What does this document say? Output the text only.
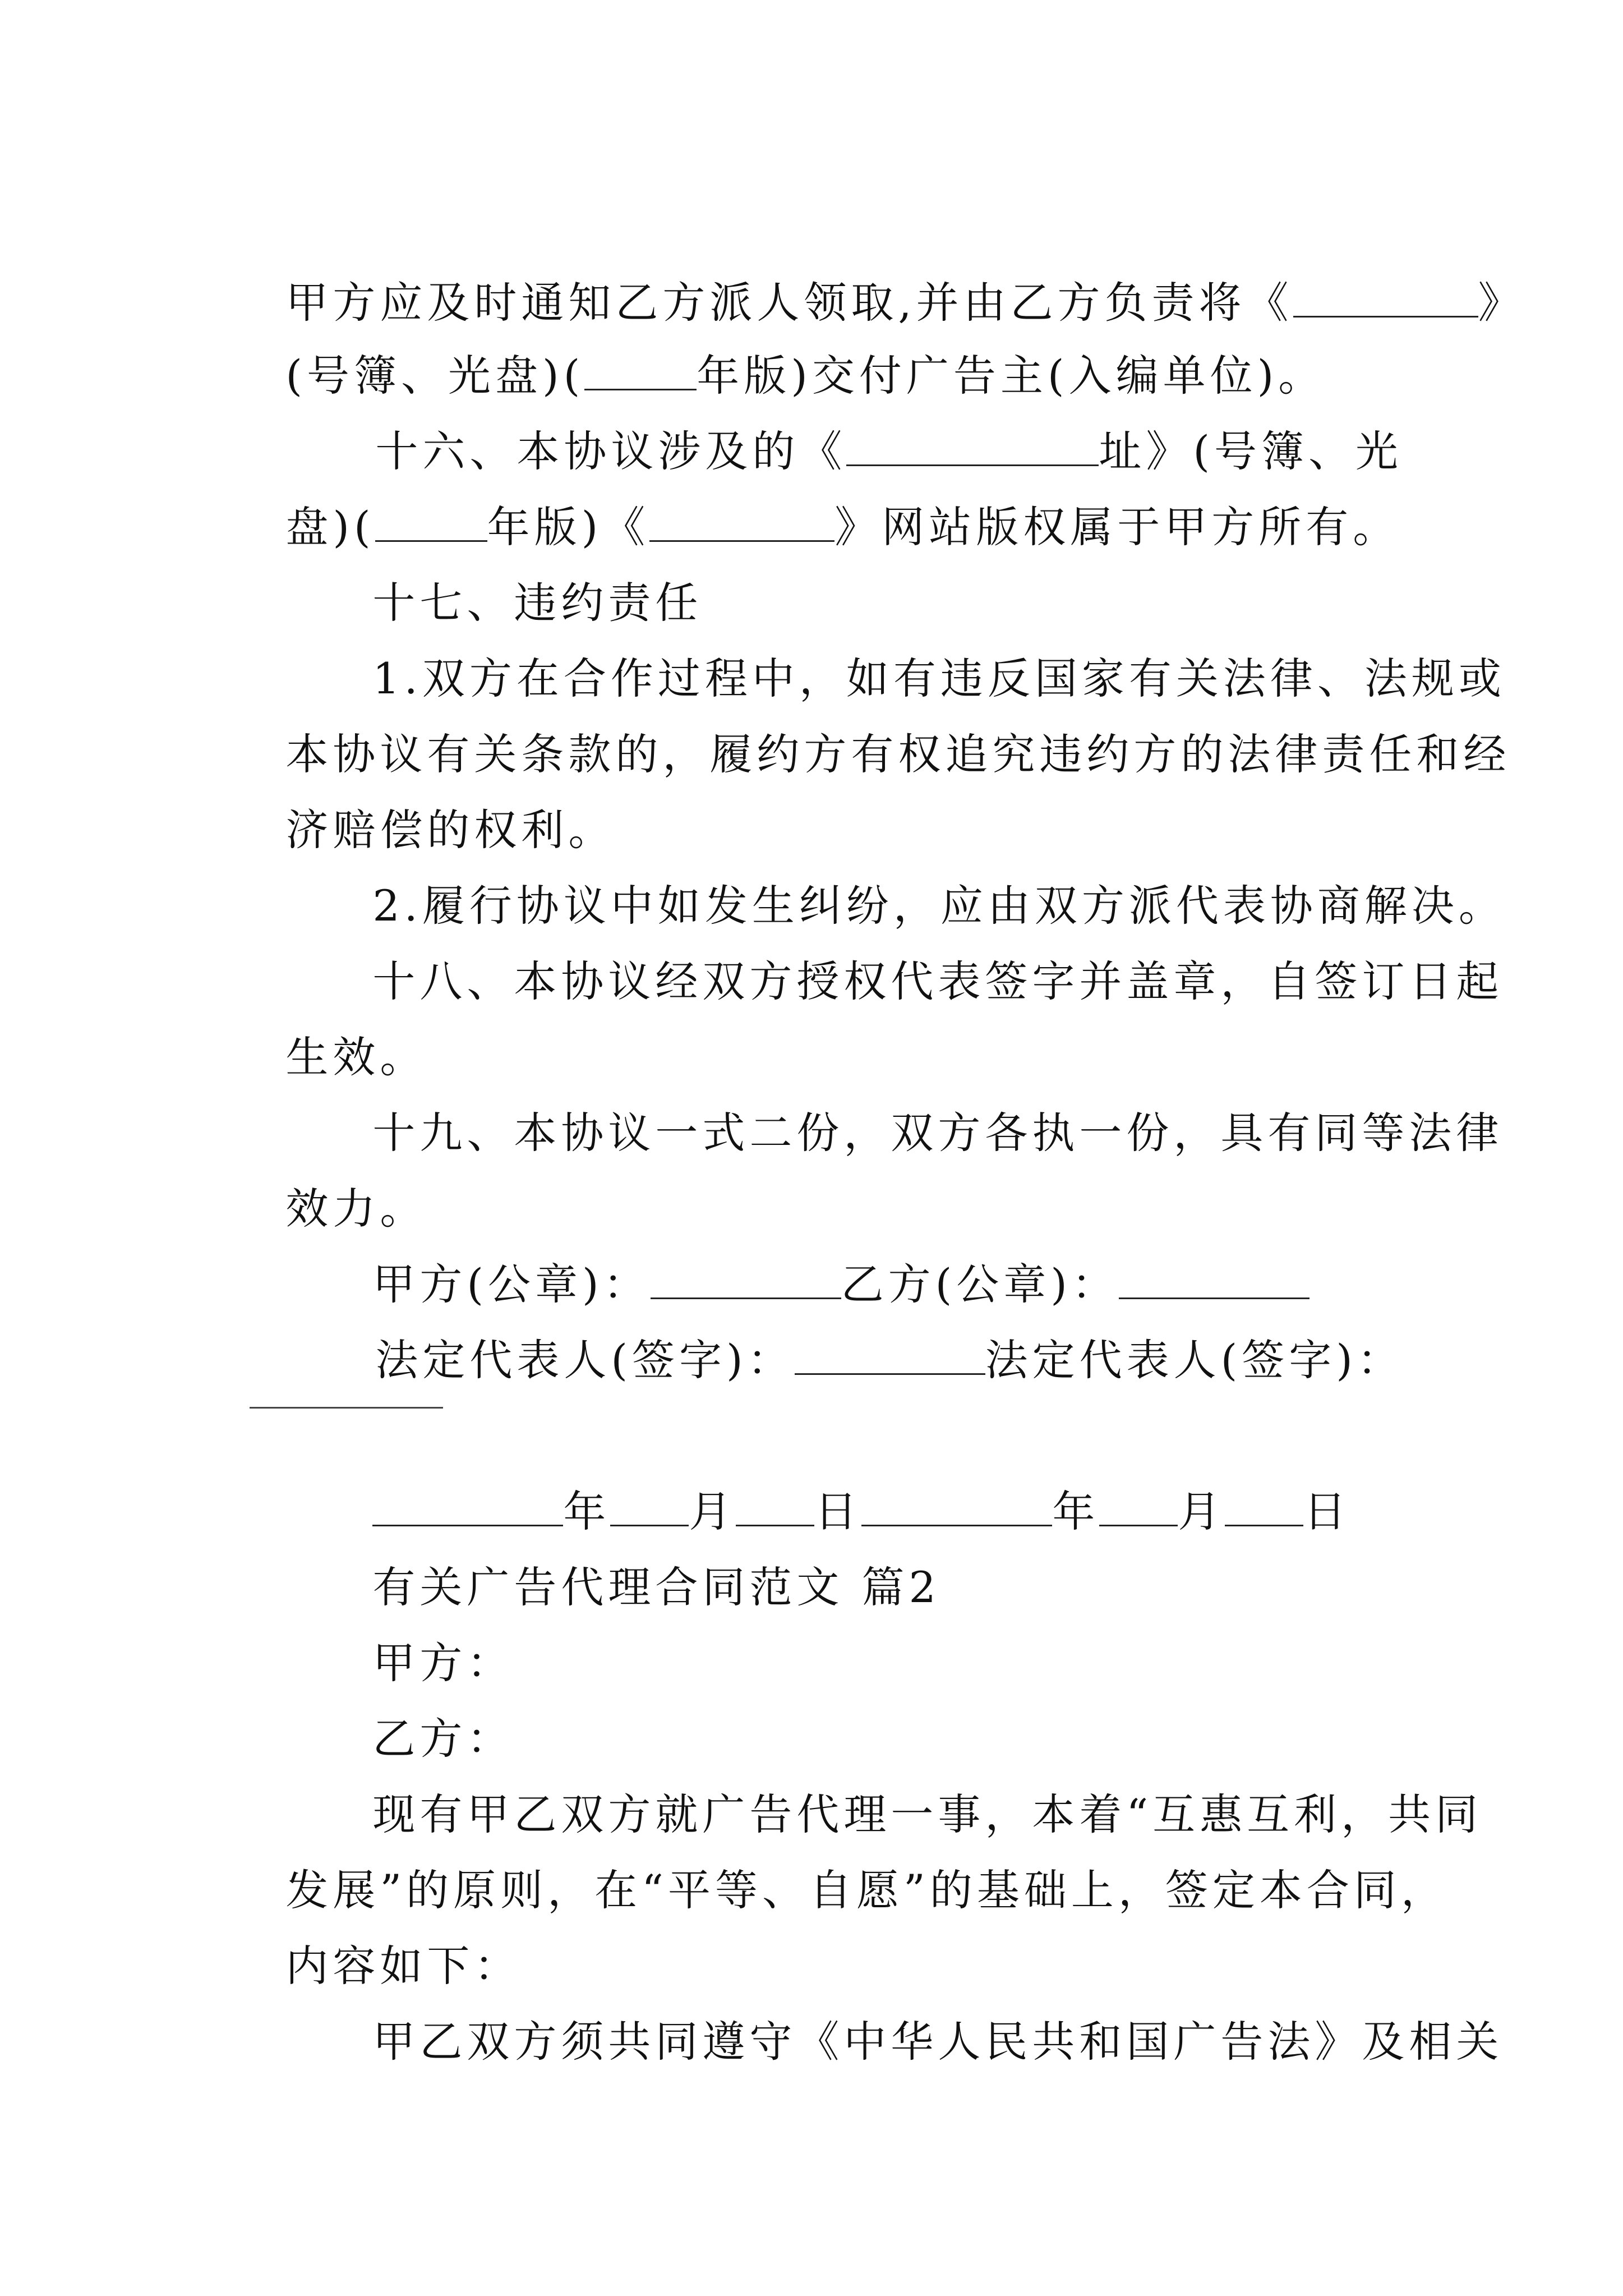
甲方应及时通知乙方派人领取,并由乙方负责将《	》

(号簿、光盘)(	年版)交付广告主(入编单位)。

十六、本协议涉及的《	址》(号簿、光

盘)(	年版)《	》网站版权属于甲方所有。

十七、违约责任

1.双方在合作过程中，如有违反国家有关法律、法规或

本协议有关条款的，履约方有权追究违约方的法律责任和经

济赔偿的权利。

2.履行协议中如发生纠纷，应由双方派代表协商解决。

十八、本协议经双方授权代表签字并盖章，自签订日起

生效。

十九、本协议一式二份，双方各执一份，具有同等法律

效力。

甲方(公章)：	乙方(公章)：

法定代表人(签字)：	法定代表人(签字)：

年 月 日	年 月 日

有关广告代理合同范文 篇2

甲方：

乙方：

现有甲乙双方就广告代理一事，本着“互惠互利，共同

发展”的原则，在“平等、自愿”的基础上，签定本合同，

内容如下：

甲乙双方须共同遵守《中华人民共和国广告法》及相关
